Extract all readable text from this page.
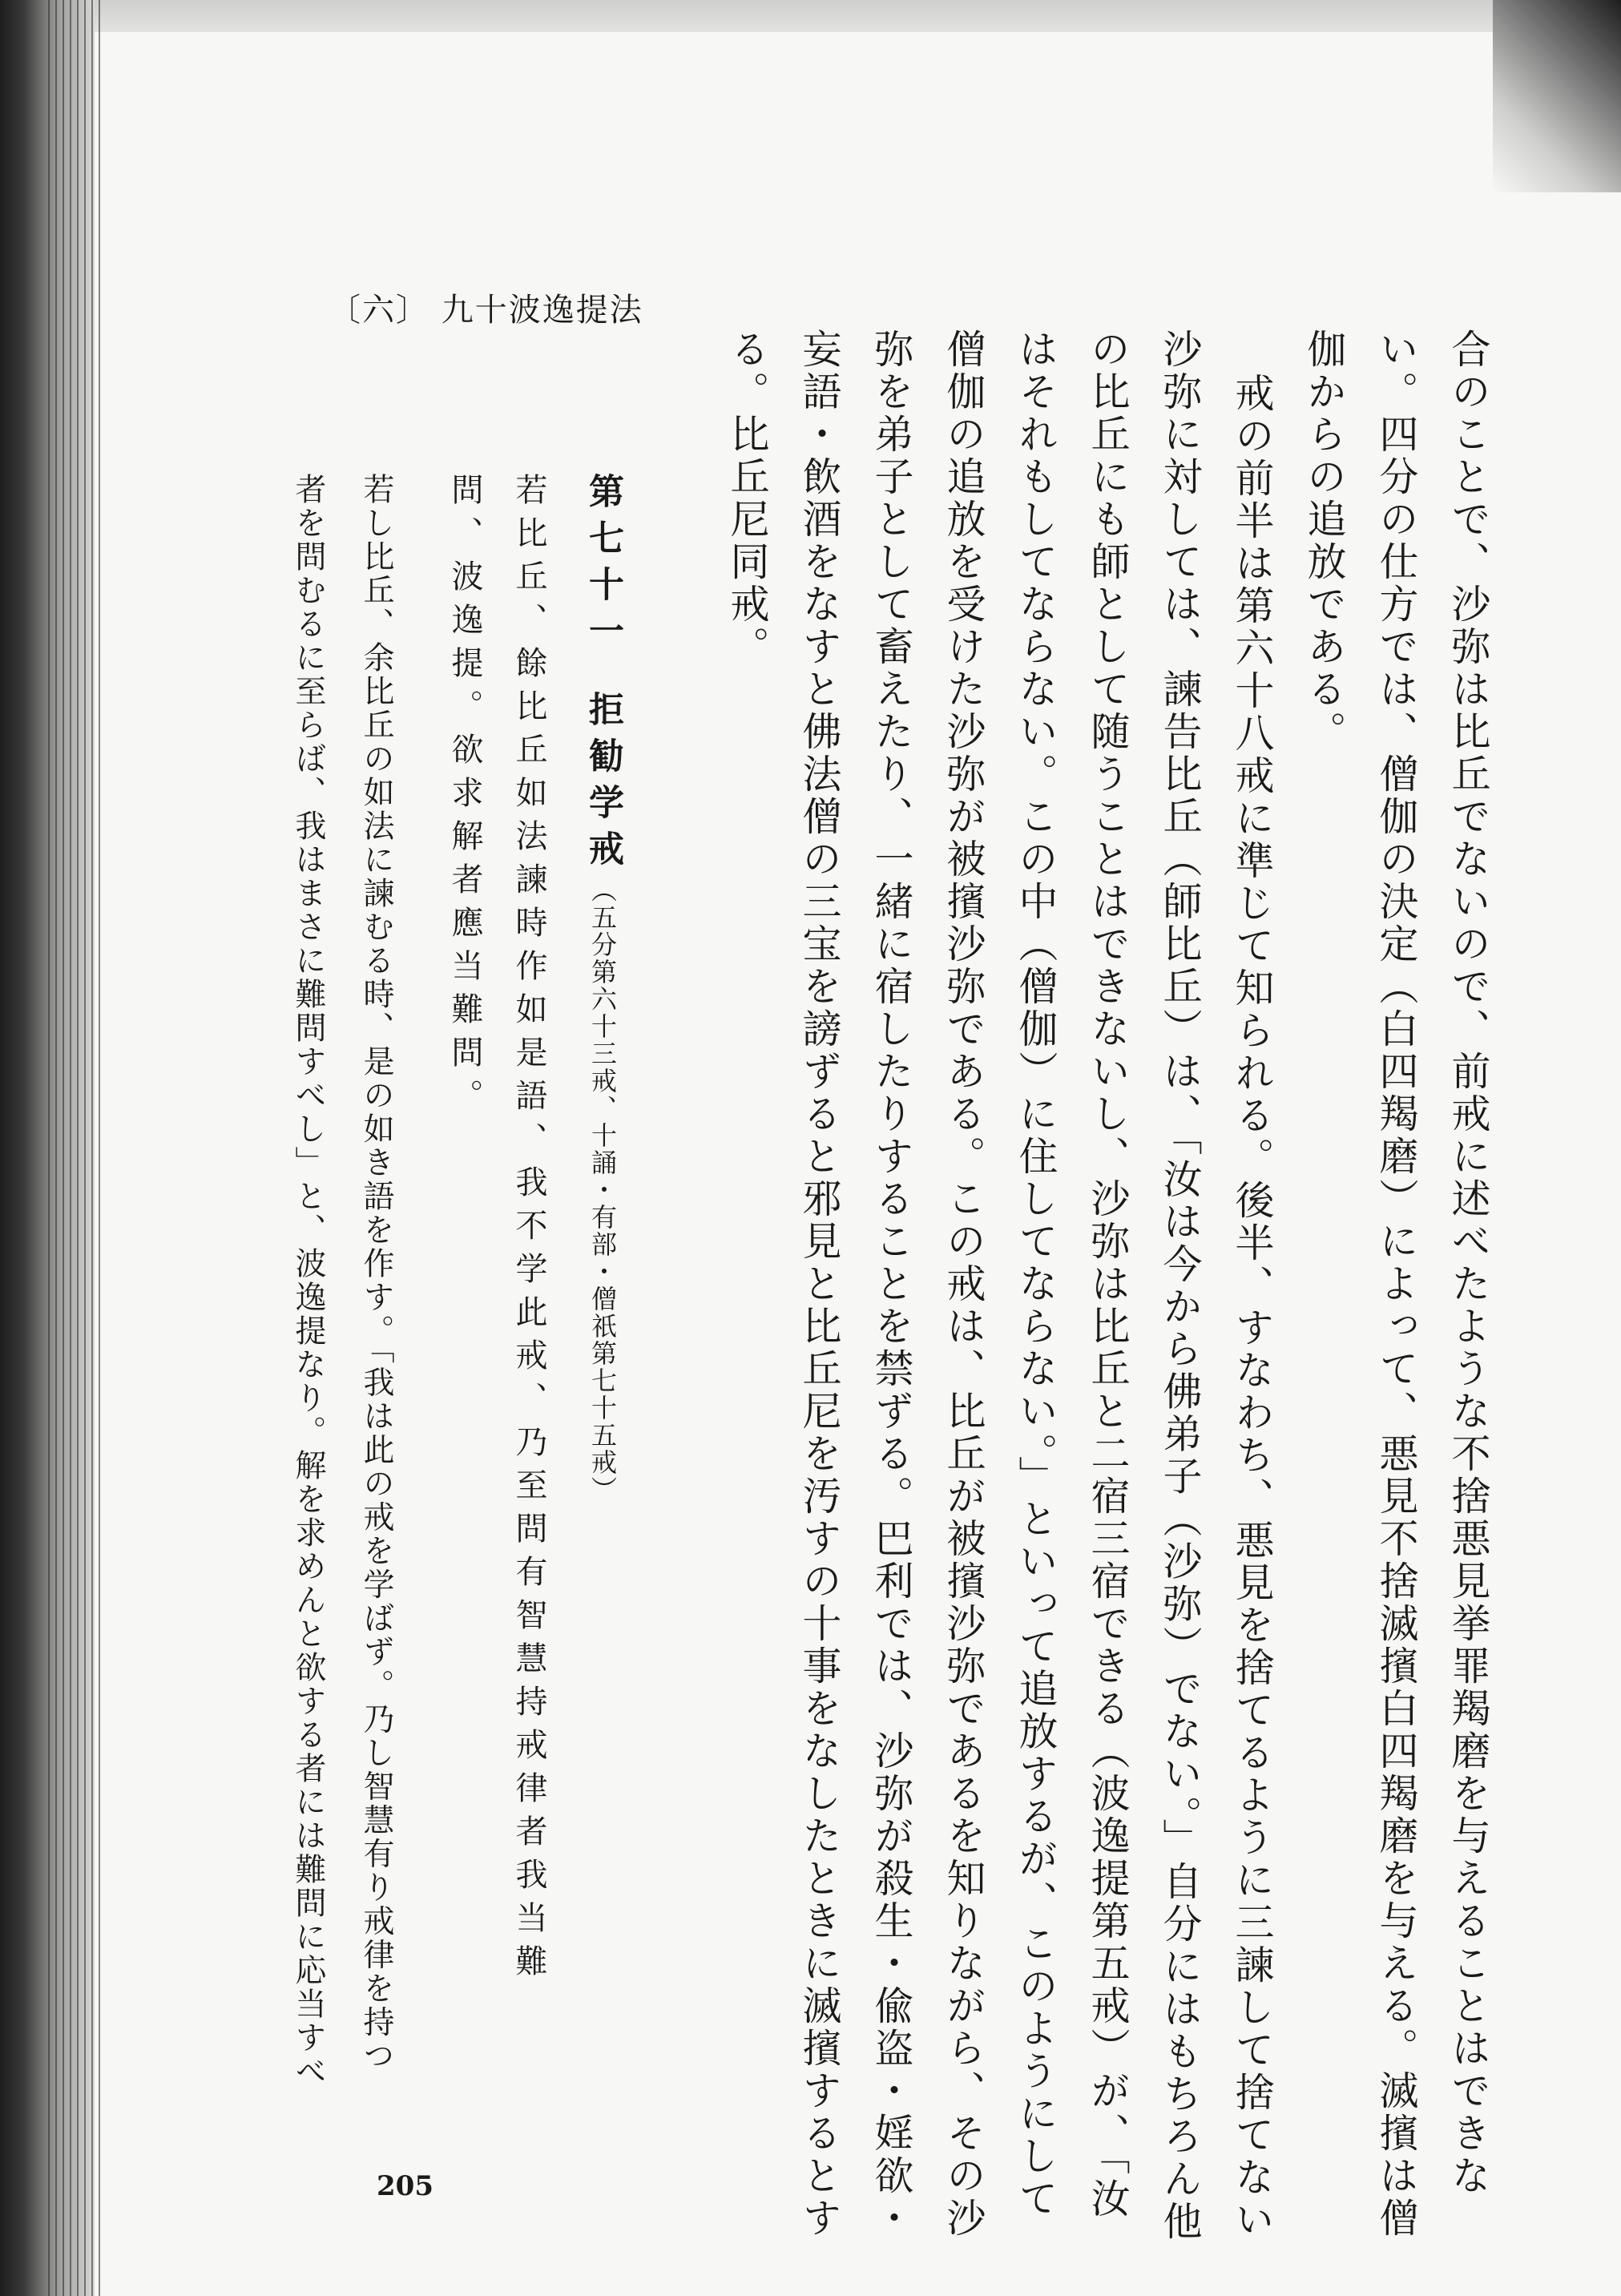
〔六〕 九十波逸提法
合のことで、沙弥は比丘でないので、前戒に述べたような不捨悪見挙罪羯磨を与えることはできな
い。四分の仕方では、僧伽の決定（白四羯磨）によって、悪見不捨滅擯白四羯磨を与える。滅擯は僧
伽からの追放である。
戒の前半は第六十八戒に準じて知られる。後半、すなわち、悪見を捨てるように三諫して捨てない
沙弥に対しては、諫告比丘（師比丘）は、「汝は今から佛弟子（沙弥）でない。」自分にはもちろん他
の比丘にも師として随うことはできないし、沙弥は比丘と二宿三宿できる（波逸提第五戒）が、「汝
はそれもしてならない。この中（僧伽）に住してならない。」といって追放するが、このようにして
僧伽の追放を受けた沙弥が被擯沙弥である。この戒は、比丘が被擯沙弥であるを知りながら、その沙
弥を弟子として畜えたり、一緒に宿したりすることを禁ずる。巴利では、沙弥が殺生・偸盗・婬欲・
妄語・飲酒をなすと佛法僧の三宝を謗ずると邪見と比丘尼を汚すの十事をなしたときに滅擯するとす
る。比丘尼同戒。
第七十一拒勧学戒（五分第六十三戒、十誦・有部・僧祇第七十五戒）
若比丘、餘比丘如法諫時作如是語、我不学此戒、乃至問有智慧持戒律者我当難
問、波逸提。欲求解者應当難問。
若し比丘、余比丘の如法に諫むる時、是の如き語を作す。「我は此の戒を学ばず。乃し智慧有り戒律を持つ
者を問むるに至らば、我はまさに難問すべし」と、波逸提なり。解を求めんと欲する者には難問に応当すべ
205
